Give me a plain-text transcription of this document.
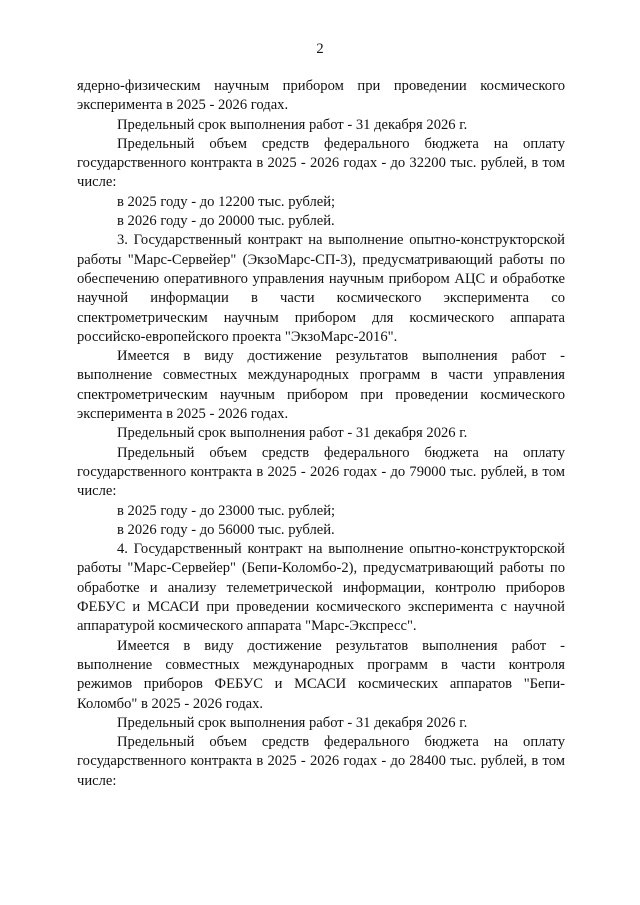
2

ядерно-физическим научным прибором при проведении космического эксперимента в 2025 - 2026 годах.

Предельный срок выполнения работ - 31 декабря 2026 г.

Предельный объем средств федерального бюджета на оплату государственного контракта в 2025 - 2026 годах - до 32200 тыс. рублей, в том числе:

в 2025 году - до 12200 тыс. рублей;

в 2026 году - до 20000 тыс. рублей.

3. Государственный контракт на выполнение опытно-конструкторской работы "Марс-Сервейер" (ЭкзоМарс-СП-3), предусматривающий работы по обеспечению оперативного управления научным прибором АЦС и обработке научной информации в части космического эксперимента со спектрометрическим научным прибором для космического аппарата российско-европейского проекта "ЭкзоМарс-2016".

Имеется в виду достижение результатов выполнения работ - выполнение совместных международных программ в части управления спектрометрическим научным прибором при проведении космического эксперимента в 2025 - 2026 годах.

Предельный срок выполнения работ - 31 декабря 2026 г.

Предельный объем средств федерального бюджета на оплату государственного контракта в 2025 - 2026 годах - до 79000 тыс. рублей, в том числе:

в 2025 году - до 23000 тыс. рублей;

в 2026 году - до 56000 тыс. рублей.

4. Государственный контракт на выполнение опытно-конструкторской работы "Марс-Сервейер" (Бепи-Коломбо-2), предусматривающий работы по обработке и анализу телеметрической информации, контролю приборов ФЕБУС и МСАСИ при проведении космического эксперимента с научной аппаратурой космического аппарата "Марс-Экспресс".

Имеется в виду достижение результатов выполнения работ - выполнение совместных международных программ в части контроля режимов приборов ФЕБУС и МСАСИ космических аппаратов "Бепи-Коломбо" в 2025 - 2026 годах.

Предельный срок выполнения работ - 31 декабря 2026 г.

Предельный объем средств федерального бюджета на оплату государственного контракта в 2025 - 2026 годах - до 28400 тыс. рублей, в том числе:
